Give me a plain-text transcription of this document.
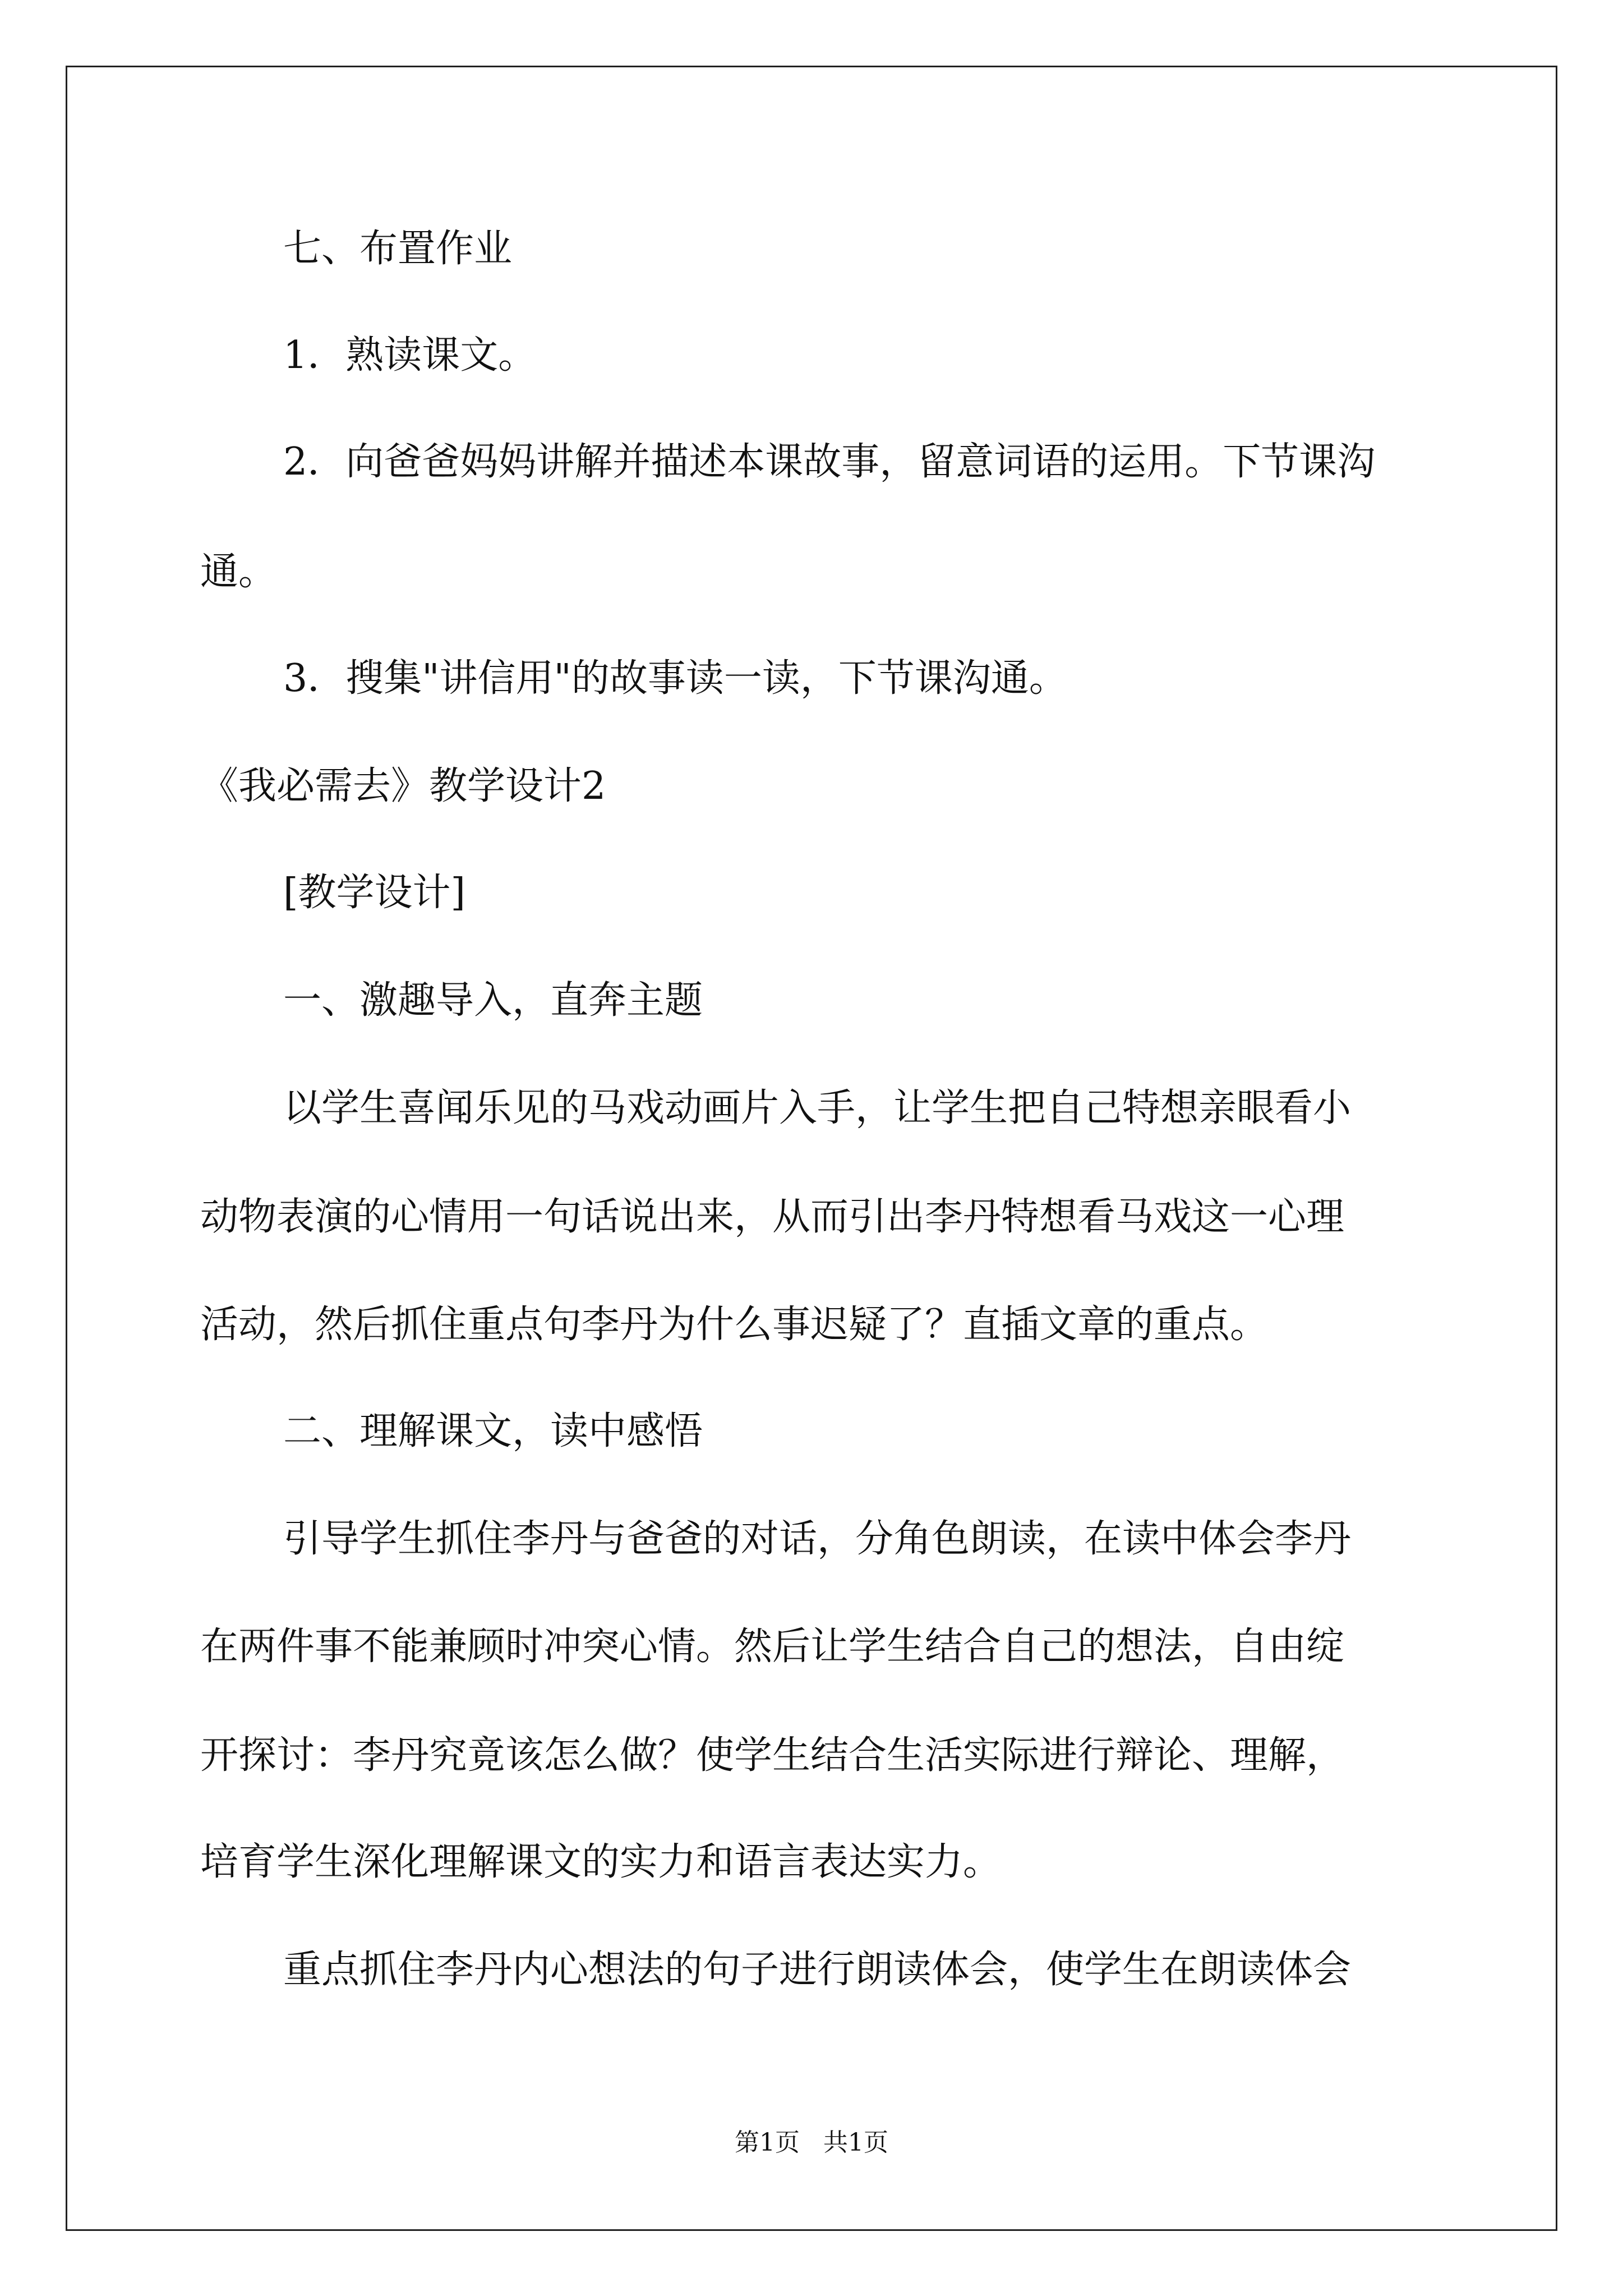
七、布置作业
1．熟读课文。
2．向爸爸妈妈讲解并描述本课故事，留意词语的运用。下节课沟
通。
3．搜集"讲信用"的故事读一读，下节课沟通。
《我必需去》教学设计2
[教学设计]
一、激趣导入，直奔主题
以学生喜闻乐见的马戏动画片入手，让学生把自己特想亲眼看小
动物表演的心情用一句话说出来，从而引出李丹特想看马戏这一心理
活动，然后抓住重点句李丹为什么事迟疑了？直插文章的重点。
二、理解课文，读中感悟
引导学生抓住李丹与爸爸的对话，分角色朗读，在读中体会李丹
在两件事不能兼顾时冲突心情。然后让学生结合自己的想法，自由绽
开探讨：李丹究竟该怎么做？使学生结合生活实际进行辩论、理解，
培育学生深化理解课文的实力和语言表达实力。
重点抓住李丹内心想法的句子进行朗读体会，使学生在朗读体会
第1页   共1页
